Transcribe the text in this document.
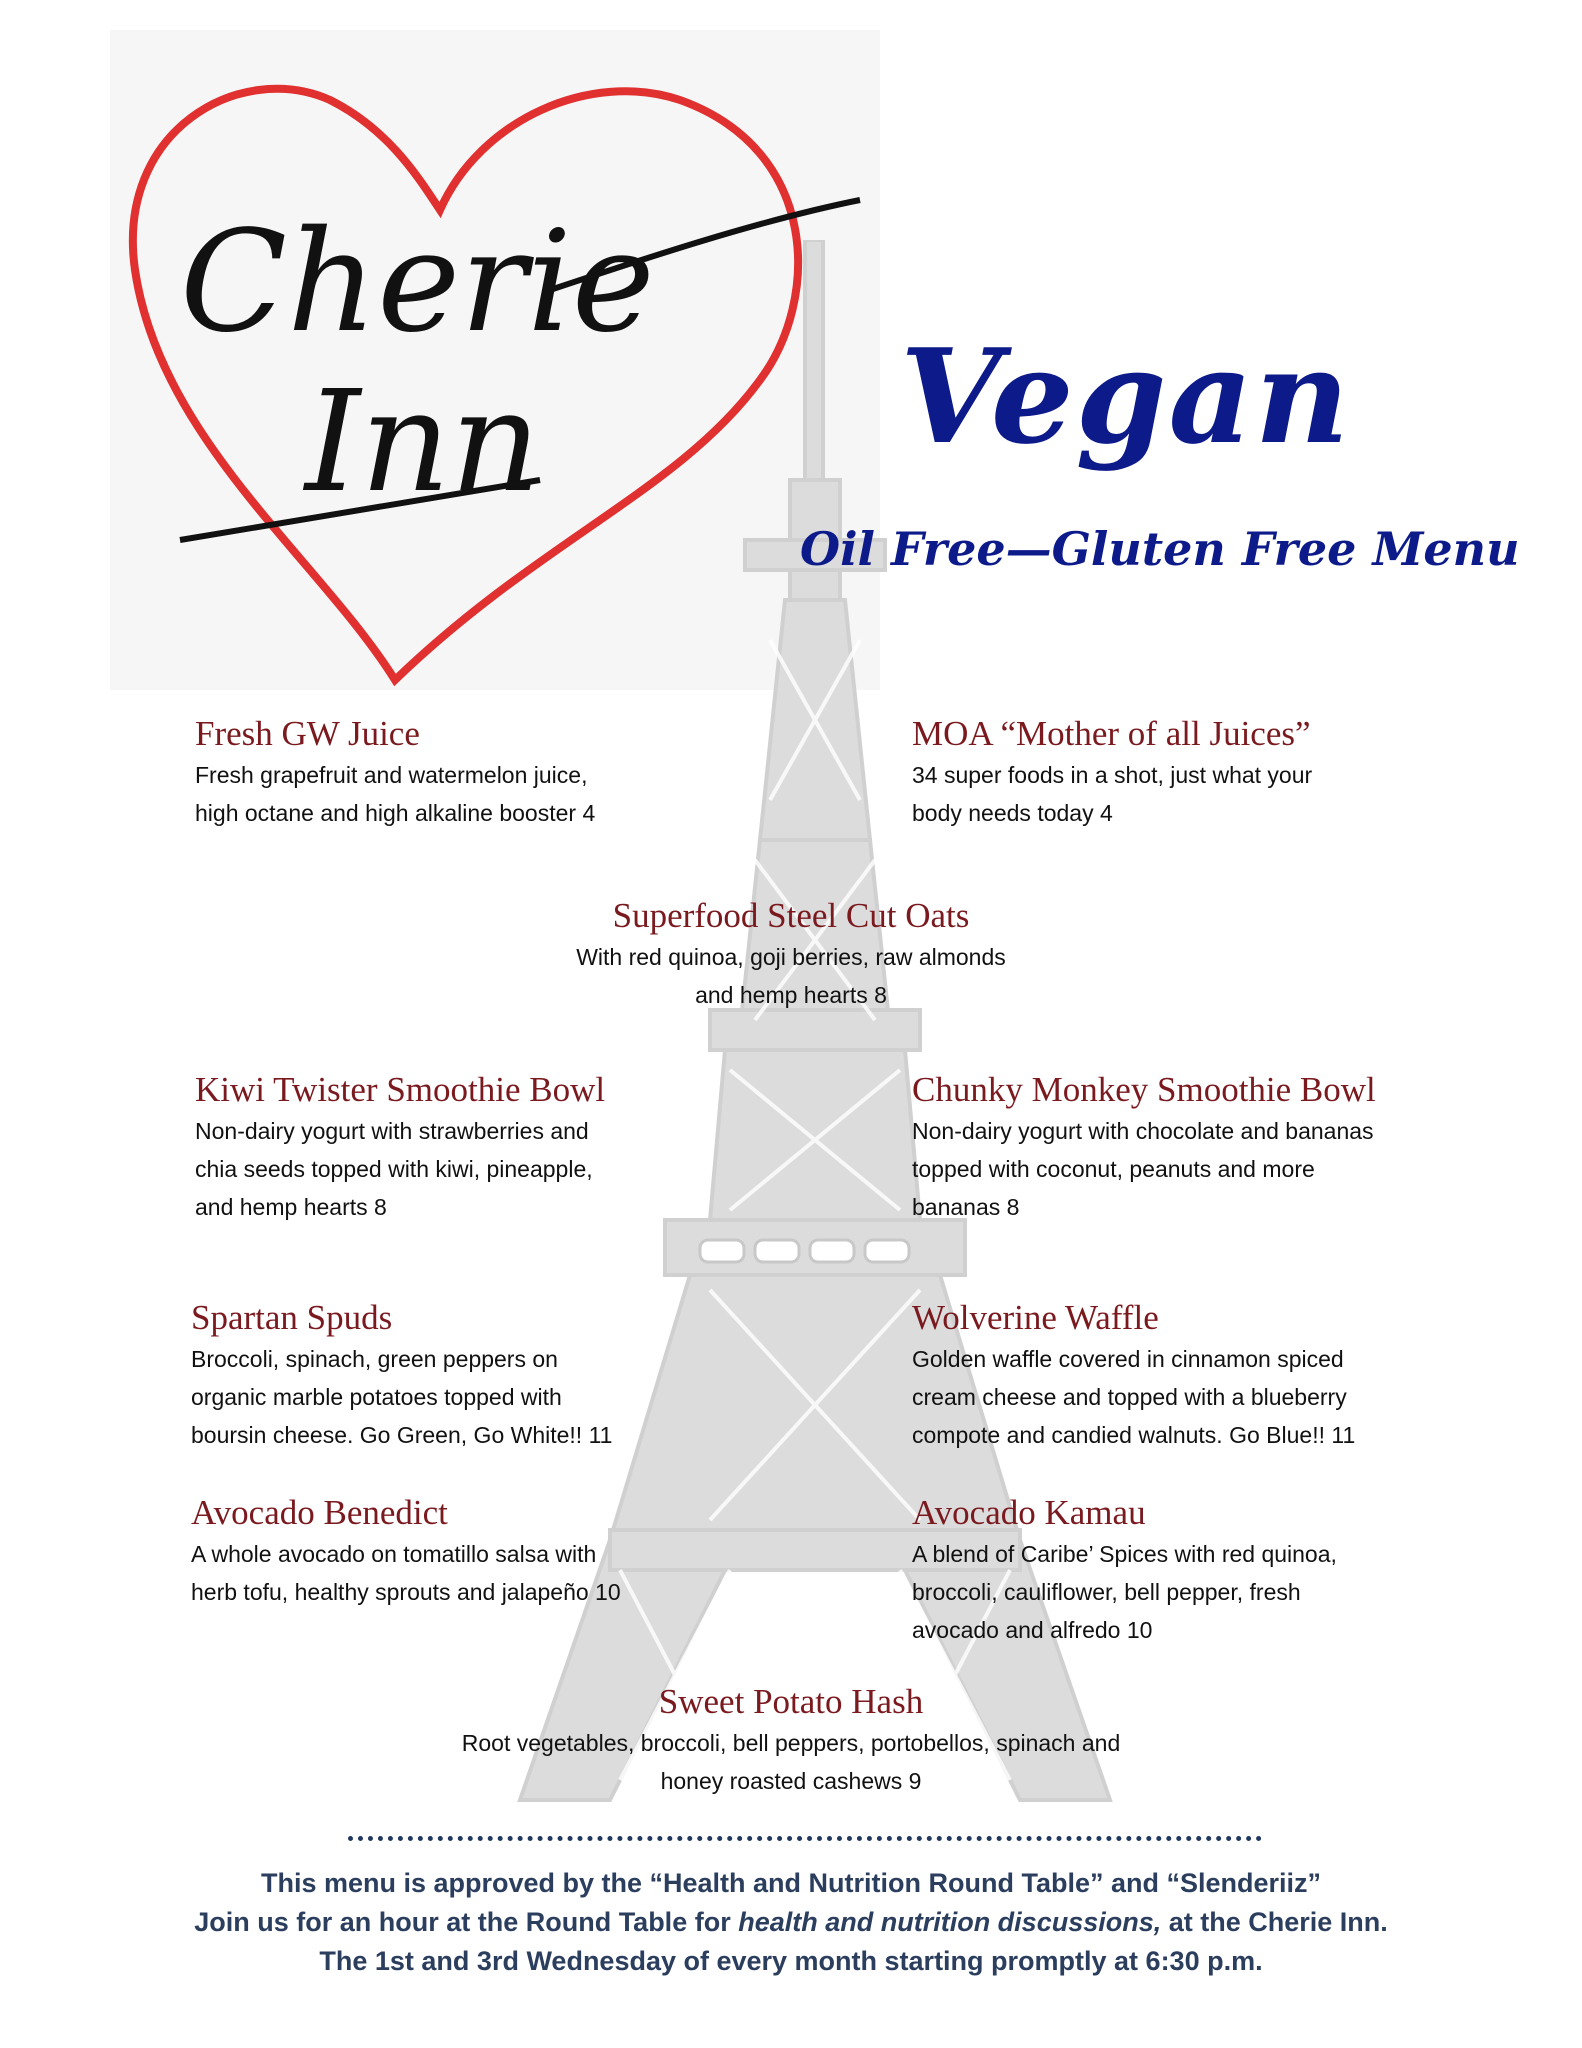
Cherie
Inn	Vegan
Oil Free—Gluten Free Menu
Fresh GW Juice

Fresh grapefruit and watermelon juice,

high octane and high alkaline booster 4

MOA “Mother of all Juices”

34 super foods in a shot, just what your

body needs today 4

Superfood Steel Cut Oats

With red quinoa, goji berries, raw almonds

and hemp hearts 8

Kiwi Twister Smoothie Bowl

Non-dairy yogurt with strawberries and

chia seeds topped with kiwi, pineapple,

and hemp hearts 8

Chunky Monkey Smoothie Bowl

Non-dairy yogurt with chocolate and bananas

topped with coconut, peanuts and more

bananas 8

Spartan Spuds

Broccoli, spinach, green peppers on

organic marble potatoes topped with

boursin cheese. Go Green, Go White!! 11

Wolverine Waffle

Golden waffle covered in cinnamon spiced

cream cheese and topped with a blueberry

compote and candied walnuts. Go Blue!! 11

Avocado Benedict

A whole avocado on tomatillo salsa with

herb tofu, healthy sprouts and jalapeño 10

Avocado Kamau

A blend of Caribe’ Spices with red quinoa,

broccoli, cauliflower, bell pepper, fresh

avocado and alfredo 10

Sweet Potato Hash

Root vegetables, broccoli, bell peppers, portobellos, spinach and

honey roasted cashews 9

This menu is approved by the “Health and Nutrition Round Table” and “Slenderiiz”
Join us for an hour at the Round Table for health and nutrition discussions, at the Cherie Inn.
The 1st and 3rd Wednesday of every month starting promptly at 6:30 p.m.
